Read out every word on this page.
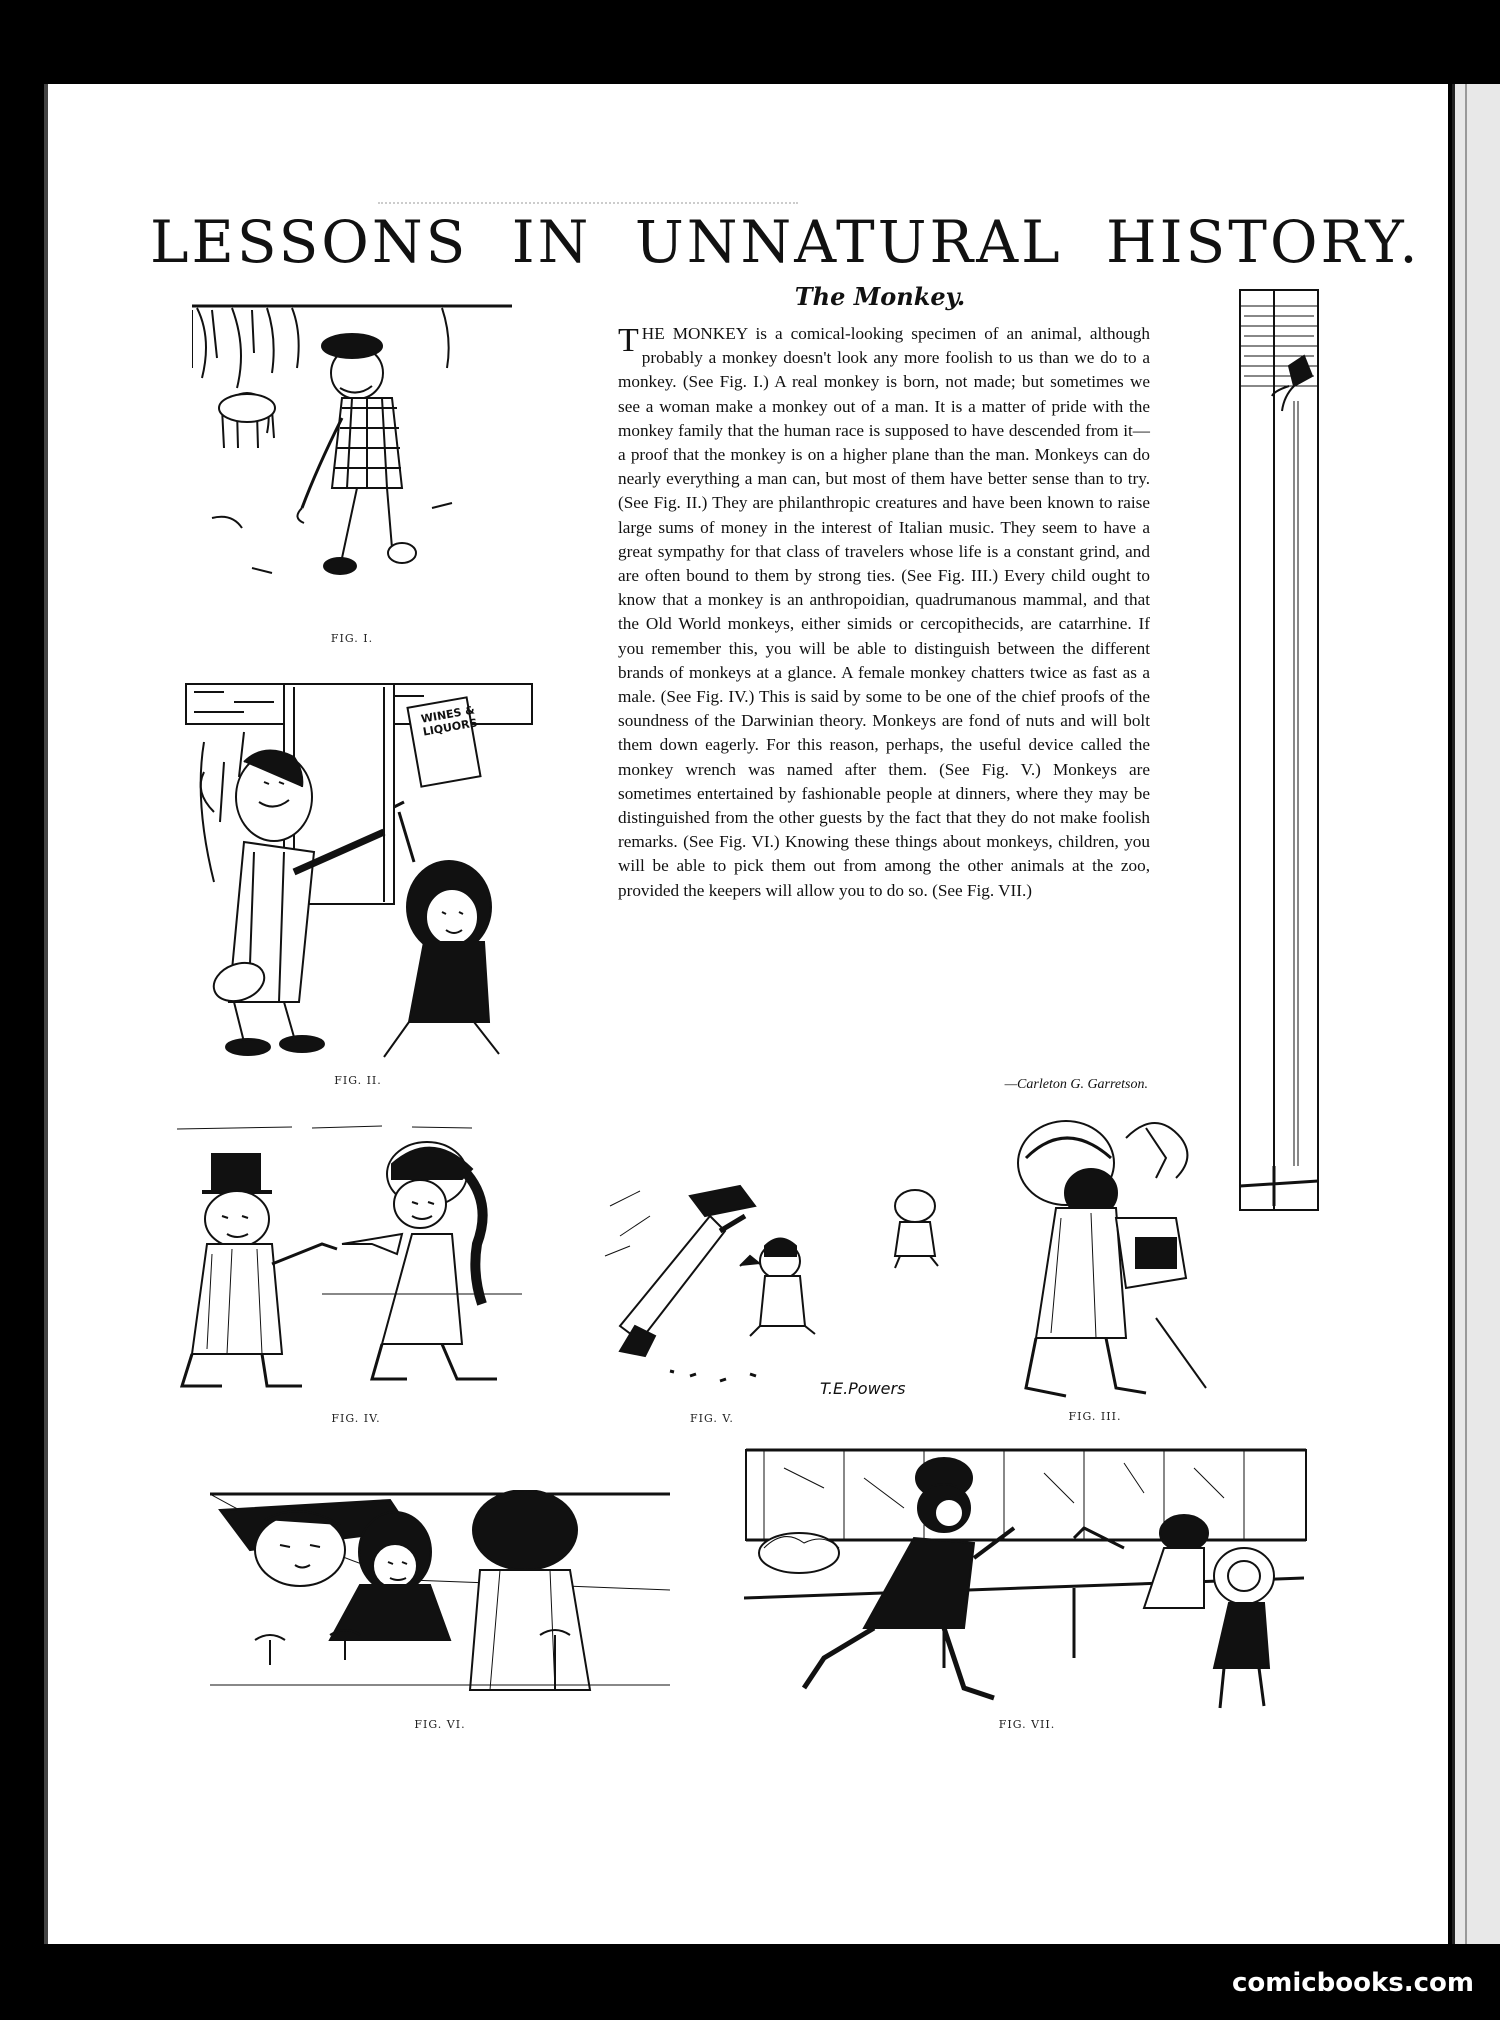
LESSONS IN UNNATURAL HISTORY.
The Monkey.
THE MONKEY is a comical-looking specimen of an animal, although probably a monkey doesn't look any more foolish to us than we do to a monkey. (See Fig. I.) A real monkey is born, not made; but sometimes we see a woman make a monkey out of a man. It is a matter of pride with the monkey family that the human race is supposed to have descended from it—a proof that the monkey is on a higher plane than the man. Monkeys can do nearly everything a man can, but most of them have better sense than to try. (See Fig. II.) They are philanthropic creatures and have been known to raise large sums of money in the interest of Italian music. They seem to have a great sympathy for that class of travelers whose life is a constant grind, and are often bound to them by strong ties. (See Fig. III.) Every child ought to know that a monkey is an anthropoidian, quadrumanous mammal, and that the Old World monkeys, either simids or cercopithecids, are catarrhine. If you remember this, you will be able to distinguish between the different brands of monkeys at a glance. A female monkey chatters twice as fast as a male. (See Fig. IV.) This is said by some to be one of the chief proofs of the soundness of the Darwinian theory. Monkeys are fond of nuts and will bolt them down eagerly. For this reason, perhaps, the useful device called the monkey wrench was named after them. (See Fig. V.) Monkeys are sometimes entertained by fashionable people at dinners, where they may be distinguished from the other guests by the fact that they do not make foolish remarks. (See Fig. VI.) Knowing these things about monkeys, children, you will be able to pick them out from among the other animals at the zoo, provided the keepers will allow you to do so. (See Fig. VII.)
—Carleton G. Garretson.
FIG. I.
FIG. II.
FIG. IV.
T.E.Powers
FIG. V.	FIG. III.
FIG. VI.	FIG. VII.
WINES & LIQUORS
comicbooks.com
